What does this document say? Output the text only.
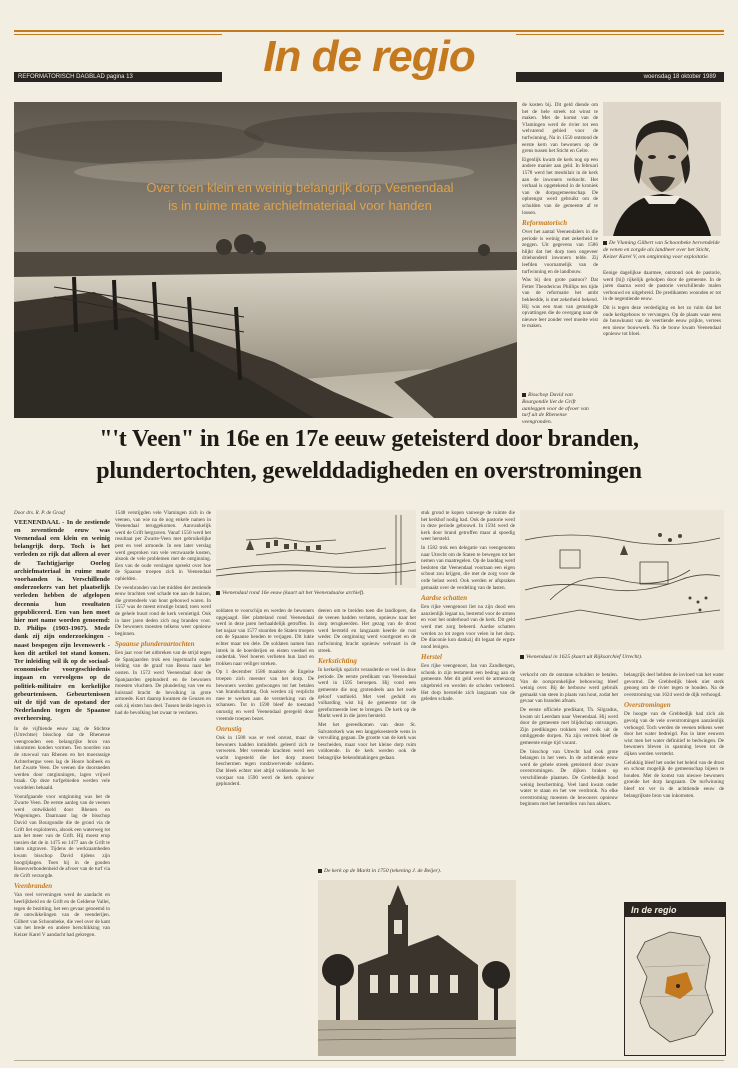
REFORMATORISCH DAGBLAD pagina 13	woensdag 18 oktober 1989
In de regio
Over toen klein en weinig belangrijk dorp Veenendaal
is in ruime mate archiefmateriaal voor handen

de kosten bij. Dit geld diende om het de hele streek tot winst te maken. Met de komst van de Vlamingen werd de rivier tot een welvarend gebied voor de turfwinning. Na in 1550 ontstond de eerste kern van bewoners op de grens tussen het Sticht en Gelre.

Eigenlijk kwam de kerk nog op een andere manier aan geld. In februari 1578 werd het meubilair in de kerk aan de inwoners verkocht. Het verhaal is opgetekend in de kroniek van de dorpsgemeenschap. De opbrengst werd gebruikt om de schulden van de gemeente af te lossen.

Reformatorisch

Over het aantal Veenendalers in die periode is weinig met zekerheid te zeggen. Uit gegevens van 1586 blijkt dat het dorp toen ongeveer driehonderd inwoners telde. Zij leefden voornamelijk van de turfwinning en de landbouw.

Was bij den grote pastoor? Dat Fettet Theodericus Phillips ten tijde van de reformatie het ambt bekleedde, is met zekerheid bekend. Hij was een man van gematigde opvattingen die de overgang naar de nieuwe leer zonder veel moeite wist te maken.

De Vlaming Gilbert van Schoonbeke hervendelde de venen en zorgde als landheer over het Sticht, Keizer Karel V, om ontginning voor exploitatie.

Eenige dagelijkse daarmee, ontstond ook de pastorie, werd (hij) rijkelijk geholpen door de gemeente. In de jaren daarna werd de pastorie verschillende malen verbouwd en uitgebreid. De predikanten woonden er tot in de negentiende eeuw.

Dit is tegen deze verdediging en het zo ruim dat het oude kerkgebouw te vervangen. Op de plaats waar eens de bouwkunst van de veertiende eeuw prijkte, verrees een nieuw bouwwerk. Na de bouw kwam Veenendaal opnieuw tot bloei.

Bisschop David van Bourgondie liet de Grift aanleggen voor de afvoer van turf uit de Rhenense veengronden.
"'t Veen" in 16e en 17e eeuw geteisterd door branden,
plundertochten, gewelddadigheden en overstromingen

Door drs. R. P. de Graaf

VEENENDAAL - In de zestiende en zeventiende eeuw was Veenendaal een klein en weinig belangrijk dorp. Toch is het verleden zo rijk dat alleen al over de Tachtigjarige Oorlog archiefmateriaal in ruime mate voorhanden is. Verschillende onderzoekers van het plaatselijk verleden hebben de afgelopen decennia hun resultaten gepubliceerd. Een van hen moet hier met name worden genoemd: D. Philips (1903-1967). Mede dank zij zijn onderzoekingen - naast bespogen zijn levenswerk - kon dit artikel tot stand komen. Ter inleiding wil ik op de sociaal-economische voorgeschiedenis ingaan en vervolgens op de politiek-militaire en kerkelijke gebeurtenissen. Gebeurtenissen uit de tijd van de opstand der Nederlanden tegen de Spaanse overheersing.

In de vijftiende eeuw zag de Stichtse (Utrechtse) bisschop dat de Rhenense veengronden een belangrijke bron van inkomsten konden vormen. Ten noorden van de stuwwal van Rhenen en het moerassige Achterbergse veen lag de Hoore holbeek en het Zwarte Veen. De veenen die doorsneden werden door ontginningen, lagen vrijwel braak. Op deze turfgebieden werden vele voordelen behaald.

Voorafgaande voor ontginning was het de Zwarte Veen. De eerste aanleg van de veenen werd ontwikkeld door Rhenen en Wageningen. Daarnaast lag de bisschop David van Bourgondie die de grond via de Grift liet exploiteren, alsook een waterweg tot aan het meer van de Grift. Hij moest erop toezien dat de in 1475 en 1477 aan de Grift te laten uitgraven. Tijdens de werkzaamheden kwam bisschop David tijdens zijn hoogtijdagen. Toen hij in de gouden Rosenverbondenheid de afvoer van de turf via de Grift verzorgde.

Veenbranden

Van veel verveningen werd de aandacht en heerlijkheid en de Grift en de Gelderse Vallei, tegen de bezitting, het een gevaar genoemd in de ontwikkelingen van de veenderijen. Gilbert van Schoonbeke, die veel over de kant van het brede en andere herschikking van Keizer Karel V aandacht had gekregen.

1548 verstijgden vele Vlamingen zich in de veenen, van wie na de nog enkele namen in Veenendaal teruggekomen. Aanvankelijk werd de Grift hergraven. Vanaf 1550 werd het resultaat per Zwarte-Veen met gebruikelijke pest en veel armoede. In een later verslag werd gesproken van vele verzwaarde kosten, alsook de vele problemen met de ontginning. Een van de oude verslagen spreekt over hoe de Spaanse troepen zich in Veenendaal ophielden.

De veenbranden van het midden der zestiende eeuw brachten veel schade toe aan de huizen, die grotendeels van hout gebouwd waren. In 1557 was de meest ernstige brand; toen werd de gehele buurt rond de kerk vernietigd. Ook in later jaren deden zich nog branden voor. De bewoners moesten telkens weer opnieuw beginnen.

Spaanse plunderaartochten

Een jaar voor het uitbreken van de strijd tegen de Spanjaarden trok een legermacht onder leiding van de graaf van Bossu naar het oosten. In 1572 werd Veenendaal door de Spanjaarden geplunderd en de bewoners moesten vluchten. De plundering van vee en huisraad bracht de bevolking in grote armoede. Kort daarop kwamen de Geuzen en ook zij eisten hun deel. Tussen beide legers in had de bevolking het zwaar te verduren.

Veenendaal rond 16e eeuw (kaart uit het Veenendaalse archief).
Veenendaal in 1625 (kaart uit Rijksarchief Utrecht).

soldaten te voorschijn en werden de bewoners opgejaagd. Het platteland rond Veenendaal werd in deze jaren herhaaldelijk getroffen. In het najaar van 1577 stuurden de Staten troepen om de Spaanse benden te verjagen. Dit lukte echter maar ten dele. De soldaten namen hun intrek in de boerderijen en eisten voedsel en onderdak. Veel boeren verlieten hun land en trokken naar veiliger streken.

Op 1 december 1586 maakten de Engelse troepen zich meester van het dorp. De bewoners werden gedwongen tot het betalen van brandschatting. Ook werden zij verplicht mee te werken aan de versterking van de schansen. Tot in 1590 bleef de toestand onrustig en werd Veenendaal geregeld door vreemde troepen bezet.

Onrustig

Ook in 1588 was er veel onrust, maar de bewoners hadden inmiddels geleerd zich te verweren. Met vereende krachten werd een wacht ingesteld die het dorp moest beschermen tegen rondzwervende soldaten. Dat bleek echter niet altijd voldoende. In het voorjaar van 1590 werd de kerk opnieuw geplunderd.

deeren om te breiden toen die landlopers, die de veenen hadden verlaten, opnieuw naar het dorp terugkeerden. Het gezag van de drost werd hersteld en langzaam keerde de rust weder. De ontginning werd voortgezet en de turfwinning bracht opnieuw welvaart in de streek.

Kerkstichting

In kerkelijk opzicht veranderde er veel in deze periode. De eerste predikant van Veenendaal werd in 1595 beroepen. Hij vond een gemeente die nog grotendeels aan het oude geloof vasthield. Met veel geduld en volharding wist hij de gemeente tot de gereformeerde leer te brengen. De kerk op de Markt werd in die jaren hersteld.

Met het gereedkomen van deze St. Salvatorkerk was een langgekoesterde wens in vervulling gegaan. De grootte van de kerk was bescheiden, maar voor het kleine dorp ruim voldoende. In de kerk werden ook de belangrijke bekendmakingen gedaan.

stuk grond te kopen vanwege de ruimte die het kerkhof nodig had. Ook de pastorie werd in deze periode gebouwd. In 1594 werd de kerk door brand getroffen maar al spoedig weer hersteld.

In 1582 trok een delegatie van veengenoten naar Utrecht om de Staten te bewegen tot het nemen van maatregelen. Op de landdag werd besloten dat Veenendaal voortaan een eigen schout zou krijgen, die met de zorg voor de orde belast werd. Ook werden er afspraken gemaakt over de verdeling van de lasten.

Aardse schatten

Een rijke veengenoot liet na zijn dood een aanzienlijk legaat na, bestemd voor de armen en voor het onderhoud van de kerk. Dit geld werd met zorg beheerd. Aardse schatten werden zo tot zegen voor velen in het dorp. De diaconie kon dankzij dit legaat de ergste nood lenigen.

Herstel

Een rijke veengenoot, Jan van Zandbergen, schonk in zijn testament een bedrag aan de gemeente. Met dit geld werd de armenzorg uitgebreid en werden de scholen verbeterd. Het dorp herstelde zich langzaam van de geleden schade.

De kerk op de Markt in 1750 (tekening J. de Beijer).

verkocht om de ontstane schulden te betalen. Van de oorspronkelijke bebouwing bleef weinig over. Bij de herbouw werd gebruik gemaakt van steen in plaats van hout, zodat het gevaar van branden afnam.

De eerste officiele predikant, Th. Silgradus, kwam uit Leerdam naar Veenendaal. Hij werd door de gemeente met blijdschap ontvangen. Zijn predikingen trokken veel volk uit de omliggende dorpen. Na zijn vertrek bleef de gemeente enige tijd vacant.

De bisschop van Utrecht had ook grote belangen in het veen. In de achttiende eeuw werd de gehele streek geteisterd door zware overstromingen. De dijken braken op verschillende plaatsen. De Grebbedijk bood weinig bescherming. Veel land kwam onder water te staan en het vee verdronk. Na elke overstroming moesten de bewoners opnieuw beginnen met het herstellen van hun akkers.

belangrijk deel hebben de invloed van het water gevormd. De Grebbedijk bleek niet sterk genoeg om de rivier tegen te houden. Na de overstroming van 1624 werd de dijk verhoogd.

Overstromingen

De hoogte van de Grebbedijk had zich als gevolg van de vele overstromingen aanzienlijk verhoogd. Toch werden de veenen telkens weer door het water bedreigd. Pas in later eeuwen wist men het water definitief te bedwingen. De bewoners bleven in spanning leven tot de dijken werden versterkt.

Gelukkig bleef het onder het beleid van de drost en schout mogelijk de gemeenschap bijeen te houden. Met de komst van nieuwe bewoners groeide het dorp langzaam. De turfwinning bleef tot ver in de achttiende eeuw de belangrijkste bron van inkomsten.

In de regio
